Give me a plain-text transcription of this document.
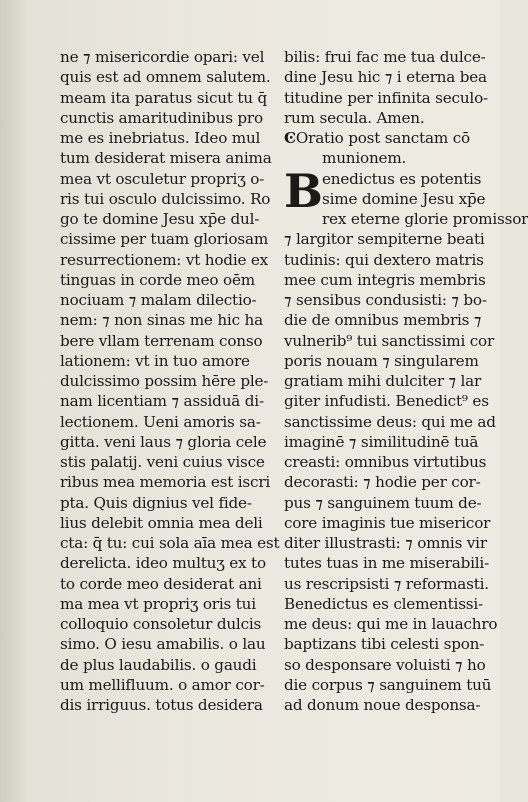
ne ⁊ misericordie opari: vel
quis est ad omnem salutem.
meam ita paratus sicut tu q̄
cunctis amaritudinibus pro
me es inebriatus. Ideo mul
tum desiderat misera anima
mea vt osculetur propriʒ o-
ris tui osculo dulcissimo. Ro
go te domine Jesu xp̄e dul-
cissime per tuam gloriosam
resurrectionem: vt hodie ex
tinguas in corde meo oēm
nociuam ⁊ malam dilectio-
nem: ⁊ non sinas me hic ha
bere vllam terrenam conso
lationem: vt in tuo amore
dulcissimo possim hēre ple-
nam licentiam ⁊ assiduā di-
lectionem. Ueni amoris sa-
gitta. veni laus ⁊ gloria cele
stis palatij. veni cuius visce
ribus mea memoria est iscri
pta. Quis dignius vel fide-
lius delebit omnia mea deli
cta: q̄ tu: cui sola aīa mea est
derelicta. ideo multuʒ ex to
to corde meo desiderat ani
ma mea vt propriʒ oris tui
colloquio consoletur dulcis
simo. O iesu amabilis. o lau
de plus laudabilis. o gaudi
um mellifluum. o amor cor-
dis irriguus. totus desidera
bilis: frui fac me tua dulce-
dine Jesu hic ⁊ i eterna bea
titudine per infinita seculo-
rum secula. Amen.
ϾOratio post sanctam cō
munionem.
B enedictus es potentis
sime domine Jesu xp̄e
rex eterne glorie promissor
⁊ largitor sempiterne beati
tudinis: qui dextero matris
mee cum integris membris
⁊ sensibus condusisti: ⁊ bo-
die de omnibus membris ⁊
vulnerib⁹ tui sanctissimi cor
poris nouam ⁊ singularem
gratiam mihi dulciter ⁊ lar
giter infudisti. Benedict⁹ es
sanctissime deus: qui me ad
imaginē ⁊ similitudinē tuā
creasti: omnibus virtutibus
decorasti: ⁊ hodie per cor-
pus ⁊ sanguinem tuum de-
core imaginis tue misericor
diter illustrasti: ⁊ omnis vir
tutes tuas in me miserabili-
us rescripsisti ⁊ reformasti.
Benedictus es clementissi-
me deus: qui me in lauachro
baptizans tibi celesti spon-
so desponsare voluisti ⁊ ho
die corpus ⁊ sanguinem tuū
ad donum noue desponsa-
